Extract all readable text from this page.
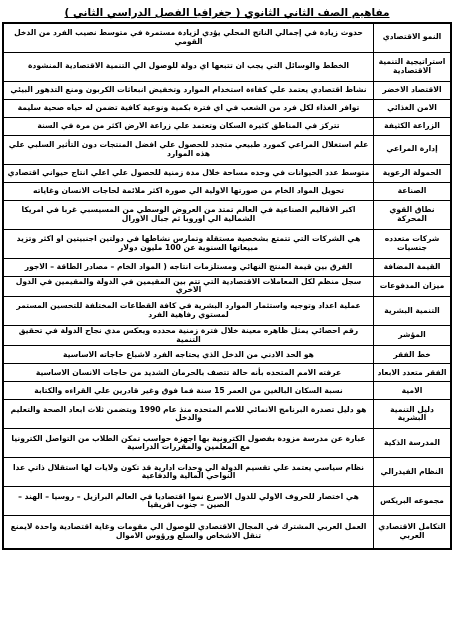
مفاهيم الصف الثاني الثانوي ( جغرافيا الفصل الدراسي الثاني )
النمو الاقتصادي	حدوث زيادة في إجمالي الناتج المحلي يؤدي لزيادة مستمرة في متوسط نصيب الفرد من الدخل القومي
استراتيجية التنمية الاقتصادية	الخطط والوسائل التي يجب ان تتبعها اي دولة للوصول الي التنمية الاقتصادية المنشودة
الاقتصاد الاخضر	نشاط اقتصادي يعتمد علي كفاءة استخدام الموارد وتخفيض انبعاثات الكربون ومنع التدهور البيئي
الامن الغذائي	توافر الغذاء لكل فرد من الشعب في اي فترة بكمية ونوعية كافية تضمن له حياه صحية سليمة
الزراعة الكثيفة	تتركز في المناطق كثيرة السكان وتعتمد علي زراعة الارض اكثر من مرة في السنة
إدارة المراعي	علم استغلال المراعي كمورد طبيعي متجدد للحصول علي افضل المنتجات دون التأثير السلبي علي هذه الموارد
الحمولة الرعوية	متوسط عدد الحيوانات في وحده مساحة خلال مدة زمنية للحصول علي اعلي انتاج حيواني اقتصادي
الصناعة	تحويل المواد الخام من صورتها الاولية الي صورة اكثر ملائمة لحاجات الانسان وغاياته
نطاق القوي المحركة	اكبر الاقاليم الصناعية في العالم تمتد من العروض الوسطي من المسيسبي غربا في امريكا الشمالية الي اوروبا ثم جبال الاورال
شركات متعدده جنسيات	هي الشركات التي تتمتع بشخصية مستقلة وتمارس نشاطها في دولتين اجنبيتين او اكثر وتزيد مبيعاتها السنوية عن 100 مليون دولار
القيمة المضافة	الفرق بين قيمة المنتج النهائي ومستلزمات انتاجه ( المواد الخام – مصادر الطاقة – الاجور
ميزان المدفوعات	سجل منظم لكل المعاملات الاقتصادية التي تتم بين المقيمين في الدولة والمقيمين في الدول الاخري
التنمية البشرية	عملية اعداد وتوجيه واستثمار الموارد البشرية في كافة القطاعات المختلفة للتحسين المستمر لمستوي رفاهية الفرد
المؤشر	رقم احصائي يمثل ظاهره معينة خلال فترة زمنية محدده ويعكس مدي نجاح الدولة في تحقيق التنمية
خط الفقر	هو الحد الادني من الدخل الذي يحتاجه الفرد لاشباع حاجاته الاساسية
الفقر متعدد الابعاد	عرفته الامم المتحده بأنه حالة تتصف بالحرمان الشديد من حاجات الانسان الاساسية
الامية	نسبة السكان البالغين من العمر 15 سنة فما فوق وغير قادرين علي القراءه والكتابة
دليل التنمية البشرية	هو دليل تصدرة البرنامج الانمائي للامم المتحده منذ عام 1990 ويتضمن ثلاث ابعاد الصحة والتعليم والدخل
المدرسة الذكية	عبارة عن مدرسة مزودة بفصول الكترونية بها اجهزة حواسب تمكن الطلاب من التواصل الكترونيا مع المعلمين والمقررات الدراسية
النظام الفيدرالي	نظام سياسي يعتمد علي تقسيم الدولة الي وحدات ادارية قد تكون ولايات لها استقلال ذاتي عدا النواحي المالية والدفاعية
مجموعه البريكس	هي اختصار للحروف الاولي للدول الاسرع نموا اقتصاديا في العالم البرازيل – روسيا – الهند – الصين – جنوب افريقيا
التكامل الاقتصادي العربي	العمل العربي المشترك في المجال الاقتصادي للوصول الي مقومات وغاية اقتصادية واحدة لايمنع تنقل الاشخاص والسلع ورؤوس الاموال
